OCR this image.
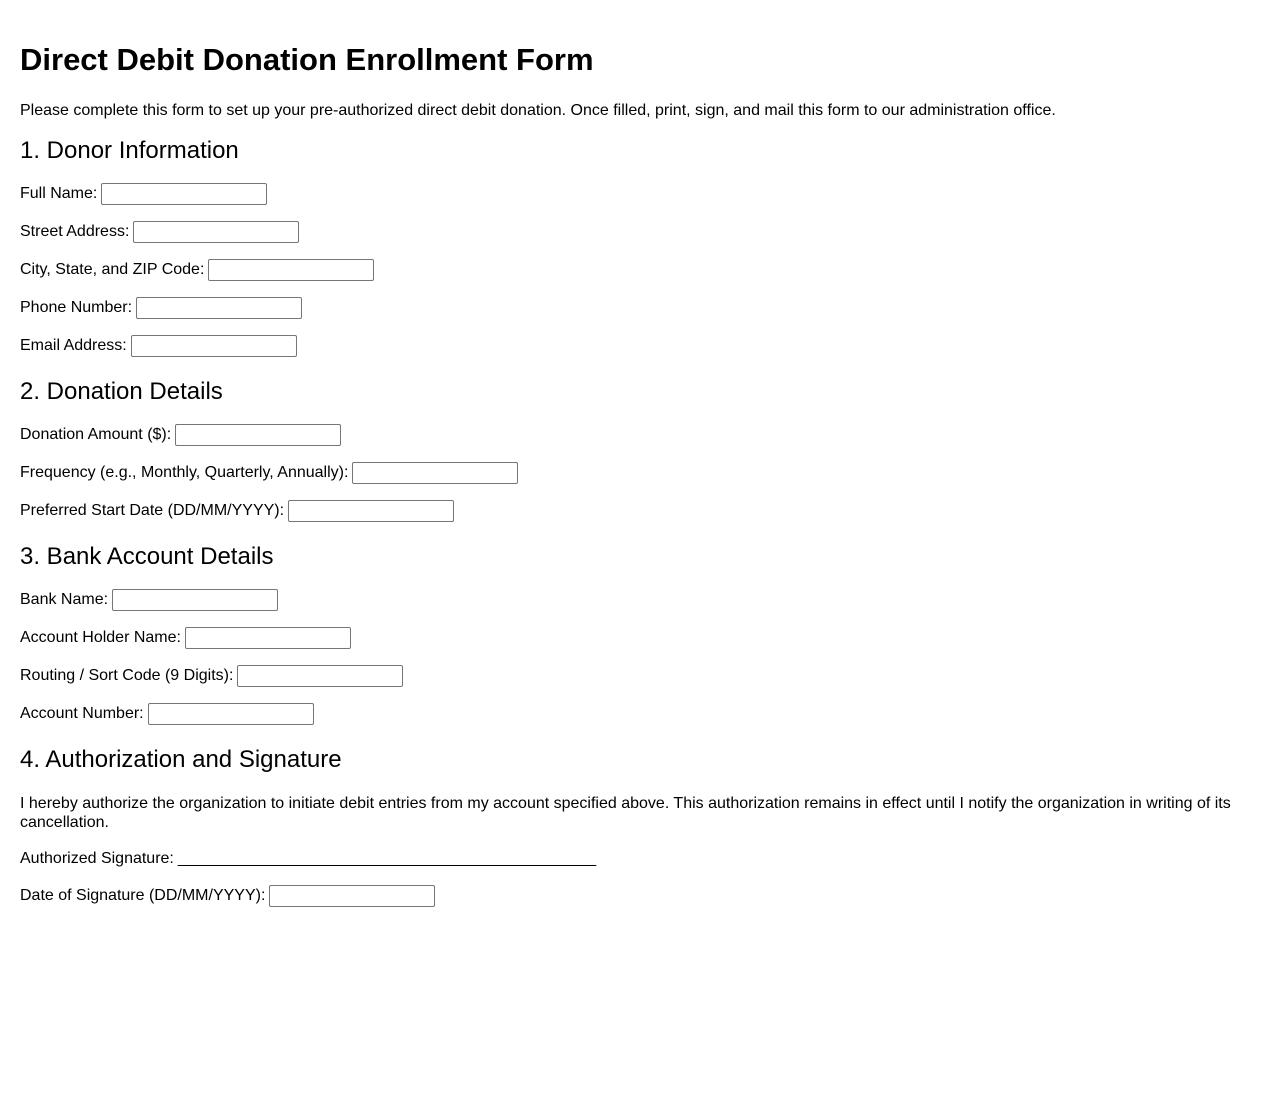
Direct Debit Donation Enrollment Form
Please complete this form to set up your pre-authorized direct debit donation. Once filled, print, sign, and mail this form to our administration office.
1. Donor Information
Full Name:
Street Address:
City, State, and ZIP Code:
Phone Number:
Email Address:
2. Donation Details
Donation Amount ($):
Frequency (e.g., Monthly, Quarterly, Annually):
Preferred Start Date (DD/MM/YYYY):
3. Bank Account Details
Bank Name:
Account Holder Name:
Routing / Sort Code (9 Digits):
Account Number:
4. Authorization and Signature
I hereby authorize the organization to initiate debit entries from my account specified above. This authorization remains in effect until I notify the organization in writing of its cancellation.
Authorized Signature: _______________________________________________
Date of Signature (DD/MM/YYYY):
